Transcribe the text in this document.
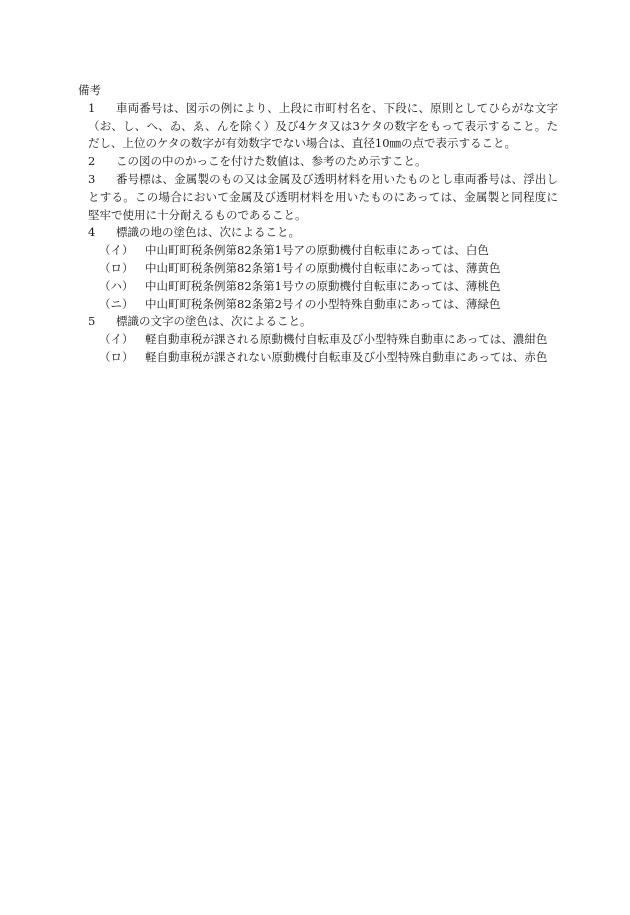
備考
1	車両番号は、図示の例により、上段に市町村名を、下段に、原則としてひらがな文字（お、し、へ、ゐ、ゑ、んを除く）及び4ケタ又は3ケタの数字をもって表示すること。ただし、上位のケタの数字が有効数字でない場合は、直径10㎜の点で表示すること。
2	この図の中のかっこを付けた数値は、参考のため示すこと。
3	番号標は、金属製のもの又は金属及び透明材料を用いたものとし車両番号は、浮出しとする。この場合において金属及び透明材料を用いたものにあっては、金属製と同程度に堅牢で使用に十分耐えるものであること。
4	標識の地の塗色は、次によること。
（イ） 中山町町税条例第82条第1号アの原動機付自転車にあっては、白色
（ロ） 中山町町税条例第82条第1号イの原動機付自転車にあっては、薄黄色
（ハ） 中山町町税条例第82条第1号ウの原動機付自転車にあっては、薄桃色
（ニ） 中山町町税条例第82条第2号イの小型特殊自動車にあっては、薄緑色
5	標識の文字の塗色は、次によること。
（イ） 軽自動車税が課される原動機付自転車及び小型特殊自動車にあっては、濃紺色
（ロ） 軽自動車税が課されない原動機付自転車及び小型特殊自動車にあっては、赤色
